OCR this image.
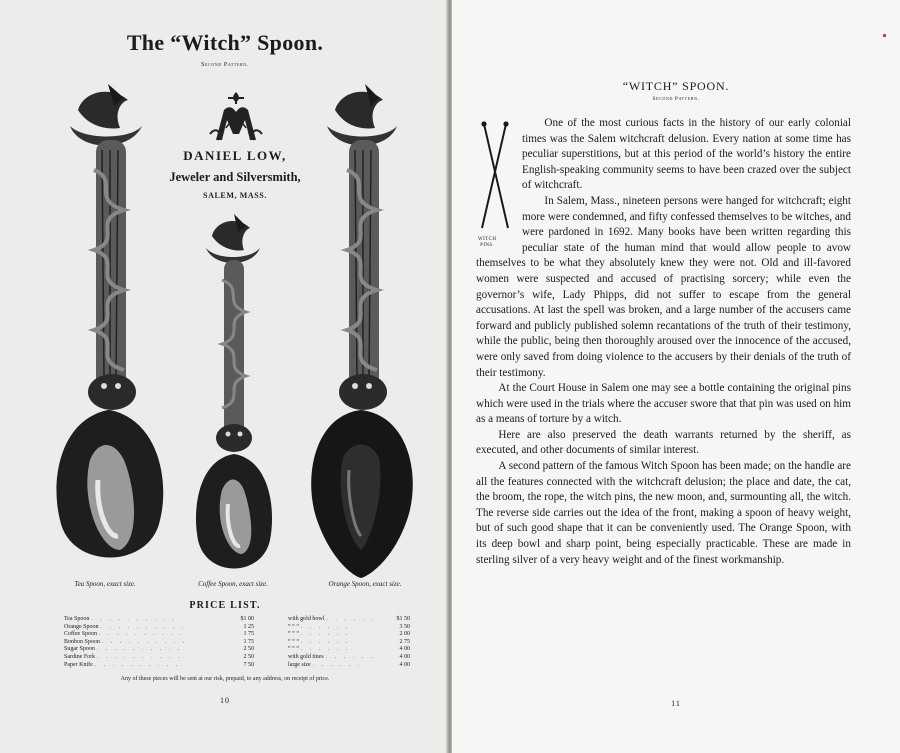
The “Witch” Spoon.
Second Pattern.
DANIEL LOW,
Jeweler and Silversmith,
SALEM, MASS.
Tea Spoon, exact size.	Coffee Spoon, exact size.	Orange Spoon, exact size.
PRICE LIST.
Tea Spoon . . . . . . . . . .	$1 00
Orange Spoon . . . . . . . . . .	1 25
Coffee Spoon . . . . . . . . . .	1 75
Bonbon Spoon . . . . . . . . . .	1 75
Sugar Spoon . . . . . . . . . .	2 50
Sardine Fork . . . . . . . . . .	2 50
Paper Knife . . . . . . . . . .	7 50
with gold bowl . . . . . .	$1 50
“ “ “ . . . . . .	3 50
“ “ “ . . . . . .	2 00
“ “ “ . . . . . .	2 75
“ “ “ . . . . . .	4 00
with gold tines . . . . . .	4 00
large size . . . . . .	4 00
Any of these pieces will be sent at our risk, prepaid, to any address, on receipt of price.
10
“WITCH” SPOON.
Second Pattern.

One of the most curious facts in the history of our early colonial times was the Salem witchcraft delusion. Every nation at some time has peculiar superstitions, but at this period of the world’s history the entire English-speaking community seems to have been crazed over the subject of witchcraft.

In Salem, Mass., nineteen persons were hanged for witchcraft; eight more were condemned, and fifty confessed themselves to be witches, and were pardoned in 1692. Many books have been written regarding this peculiar state of the human mind that would allow people to avow themselves to be what they absolutely knew they were not. Old and ill-favored women were suspected and accused of practising sorcery; while even the governor’s wife, Lady Phipps, did not suffer to escape from the general accusations. At last the spell was broken, and a large number of the accusers came forward and publicly published solemn recantations of the truth of their testimony, while the public, being then thoroughly aroused over the innocence of the accused, were only saved from doing violence to the accusers by their denials of the truth of their testimony.

At the Court House in Salem one may see a bottle containing the original pins which were used in the trials where the accuser swore that that pin was used on him as a means of torture by a witch.

Here are also preserved the death warrants returned by the sheriff, as executed, and other documents of similar interest.

A second pattern of the famous Witch Spoon has been made; on the handle are all the features connected with the witchcraft delusion; the place and date, the cat, the broom, the rope, the witch pins, the new moon, and, surmounting all, the witch. The reverse side carries out the idea of the front, making a spoon of heavy weight, but of such good shape that it can be conveniently used. The Orange Spoon, with its deep bowl and sharp point, being especially practicable. These are made in sterling silver of a very heavy weight and of the finest workmanship.

WITCH
PINS.
11
